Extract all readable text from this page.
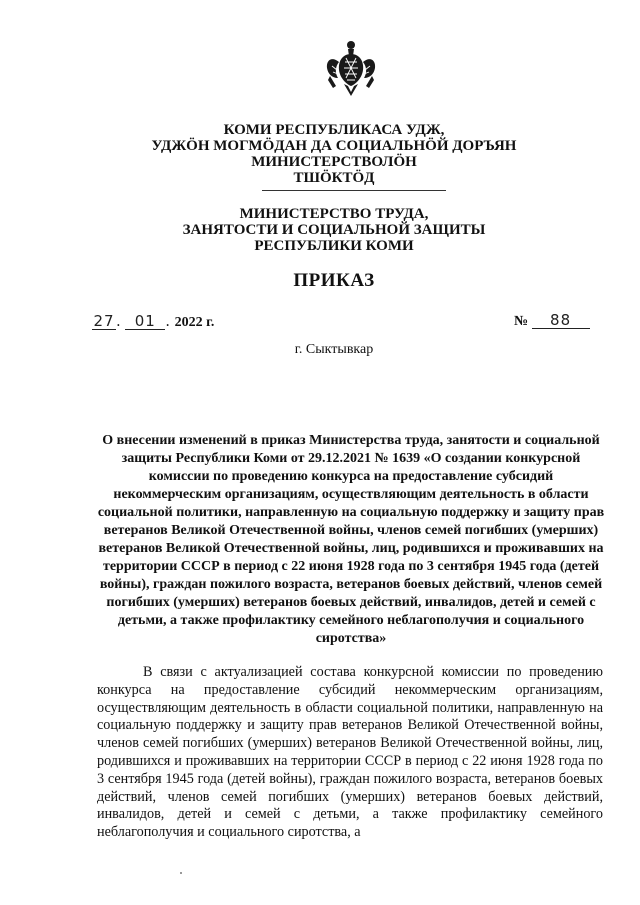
КОМИ РЕСПУБЛИКАСА УДЖ,
УДЖӦН МОГМӦДАН ДА СОЦИАЛЬНӦЙ ДОРЪЯН
МИНИСТЕРСТВОЛӦН
ТШӦКТӦД
МИНИСТЕРСТВО ТРУДА,
ЗАНЯТОСТИ И СОЦИАЛЬНОЙ ЗАЩИТЫ
РЕСПУБЛИКИ КОМИ
ПРИКАЗ
27. 01 . 2022 г.	№ 88
г. Сыктывкар
О внесении изменений в приказ Министерства труда, занятости и социальной защиты Республики Коми от 29.12.2021 № 1639 «О создании конкурсной комиссии по проведению конкурса на предоставление субсидий некоммерческим организациям, осуществляющим деятельность в области социальной политики, направленную на социальную поддержку и защиту прав ветеранов Великой Отечественной войны, членов семей погибших (умерших) ветеранов Великой Отечественной войны, лиц, родившихся и проживавших на территории СССР в период с 22 июня 1928 года по 3 сентября 1945 года (детей войны), граждан пожилого возраста, ветеранов боевых действий, членов семей погибших (умерших) ветеранов боевых действий, инвалидов, детей и семей с детьми, а также профилактику семейного неблагополучия и социального сиротства»
В связи с актуализацией состава конкурсной комиссии по проведению конкурса на предоставление субсидий некоммерческим организациям, осуществляющим деятельность в области социальной политики, направленную на социальную поддержку и защиту прав ветеранов Великой Отечественной войны, членов семей погибших (умерших) ветеранов Великой Отечественной войны, лиц, родившихся и проживавших на территории СССР в период с 22 июня 1928 года по 3 сентября 1945 года (детей войны), граждан пожилого возраста, ветеранов боевых действий, членов семей погибших (умерших) ветеранов боевых действий, инвалидов, детей и семей с детьми, а также профилактику семейного неблагополучия и социального сиротства, а
